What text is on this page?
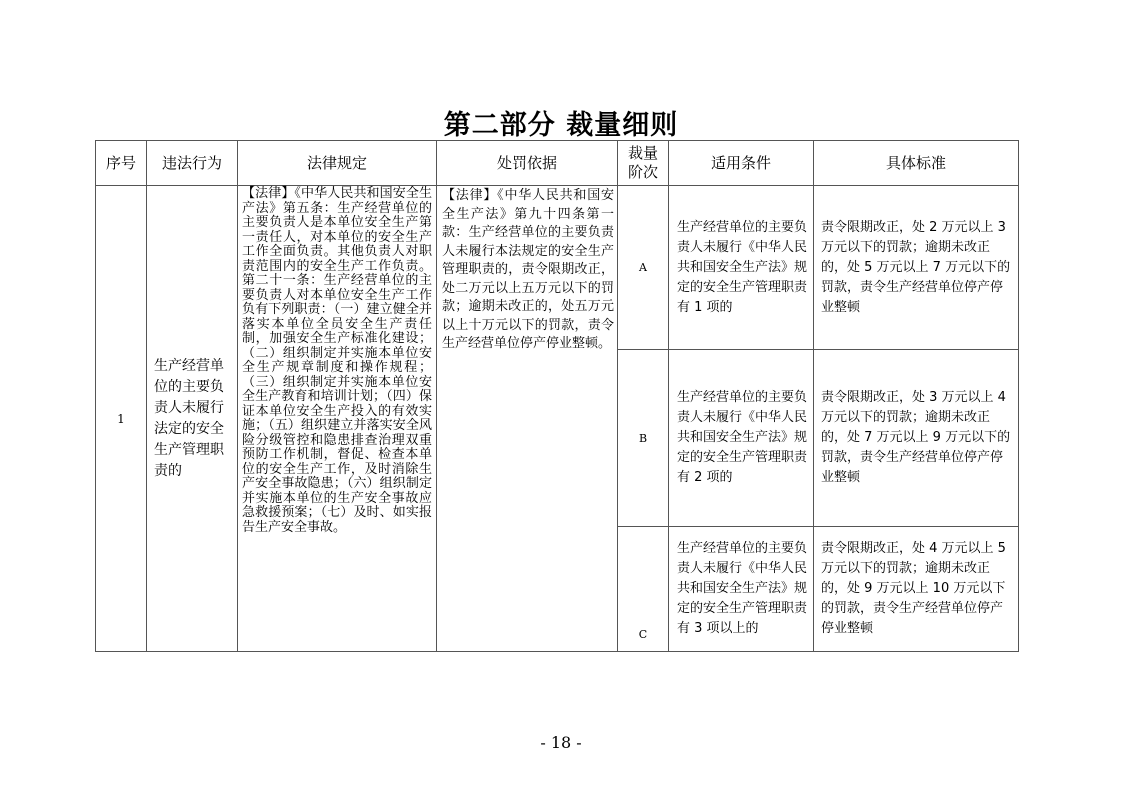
第二部分 裁量细则
序号	违法行为	法律规定	处罚依据	裁量阶次	适用条件	具体标准
1	生产经营单位的主要负责人未履行法定的安全生产管理职责的	【法律】《中华人民共和国安全生产法》第五条：生产经营单位的主要负责人是本单位安全生产第一责任人，对本单位的安全生产工作全面负责。其他负责人对职责范围内的安全生产工作负责。第二十一条：生产经营单位的主要负责人对本单位安全生产工作负有下列职责：（一）建立健全并落实本单位全员安全生产责任制，加强安全生产标准化建设；（二）组织制定并实施本单位安全生产规章制度和操作规程；（三）组织制定并实施本单位安全生产教育和培训计划；（四）保证本单位安全生产投入的有效实施；（五）组织建立并落实安全风险分级管控和隐患排查治理双重预防工作机制，督促、检查本单位的安全生产工作，及时消除生产安全事故隐患；（六）组织制定并实施本单位的生产安全事故应急救援预案；（七）及时、如实报告生产安全事故。	【法律】《中华人民共和国安全生产法》第九十四条第一款：生产经营单位的主要负责人未履行本法规定的安全生产管理职责的，责令限期改正，处二万元以上五万元以下的罚款；逾期未改正的，处五万元以上十万元以下的罚款，责令生产经营单位停产停业整顿。	A	生产经营单位的主要负责人未履行《中华人民共和国安全生产法》规定的安全生产管理职责有 1 项的	责令限期改正，处 2 万元以上 3 万元以下的罚款；逾期未改正的，处 5 万元以上 7 万元以下的罚款，责令生产经营单位停产停业整顿
				B	生产经营单位的主要负责人未履行《中华人民共和国安全生产法》规定的安全生产管理职责有 2 项的	责令限期改正，处 3 万元以上 4 万元以下的罚款；逾期未改正的，处 7 万元以上 9 万元以下的罚款，责令生产经营单位停产停业整顿
				C	生产经营单位的主要负责人未履行《中华人民共和国安全生产法》规定的安全生产管理职责有 3 项以上的	责令限期改正，处 4 万元以上 5 万元以下的罚款；逾期未改正的，处 9 万元以上 10 万元以下的罚款，责令生产经营单位停产停业整顿
- 18 -
